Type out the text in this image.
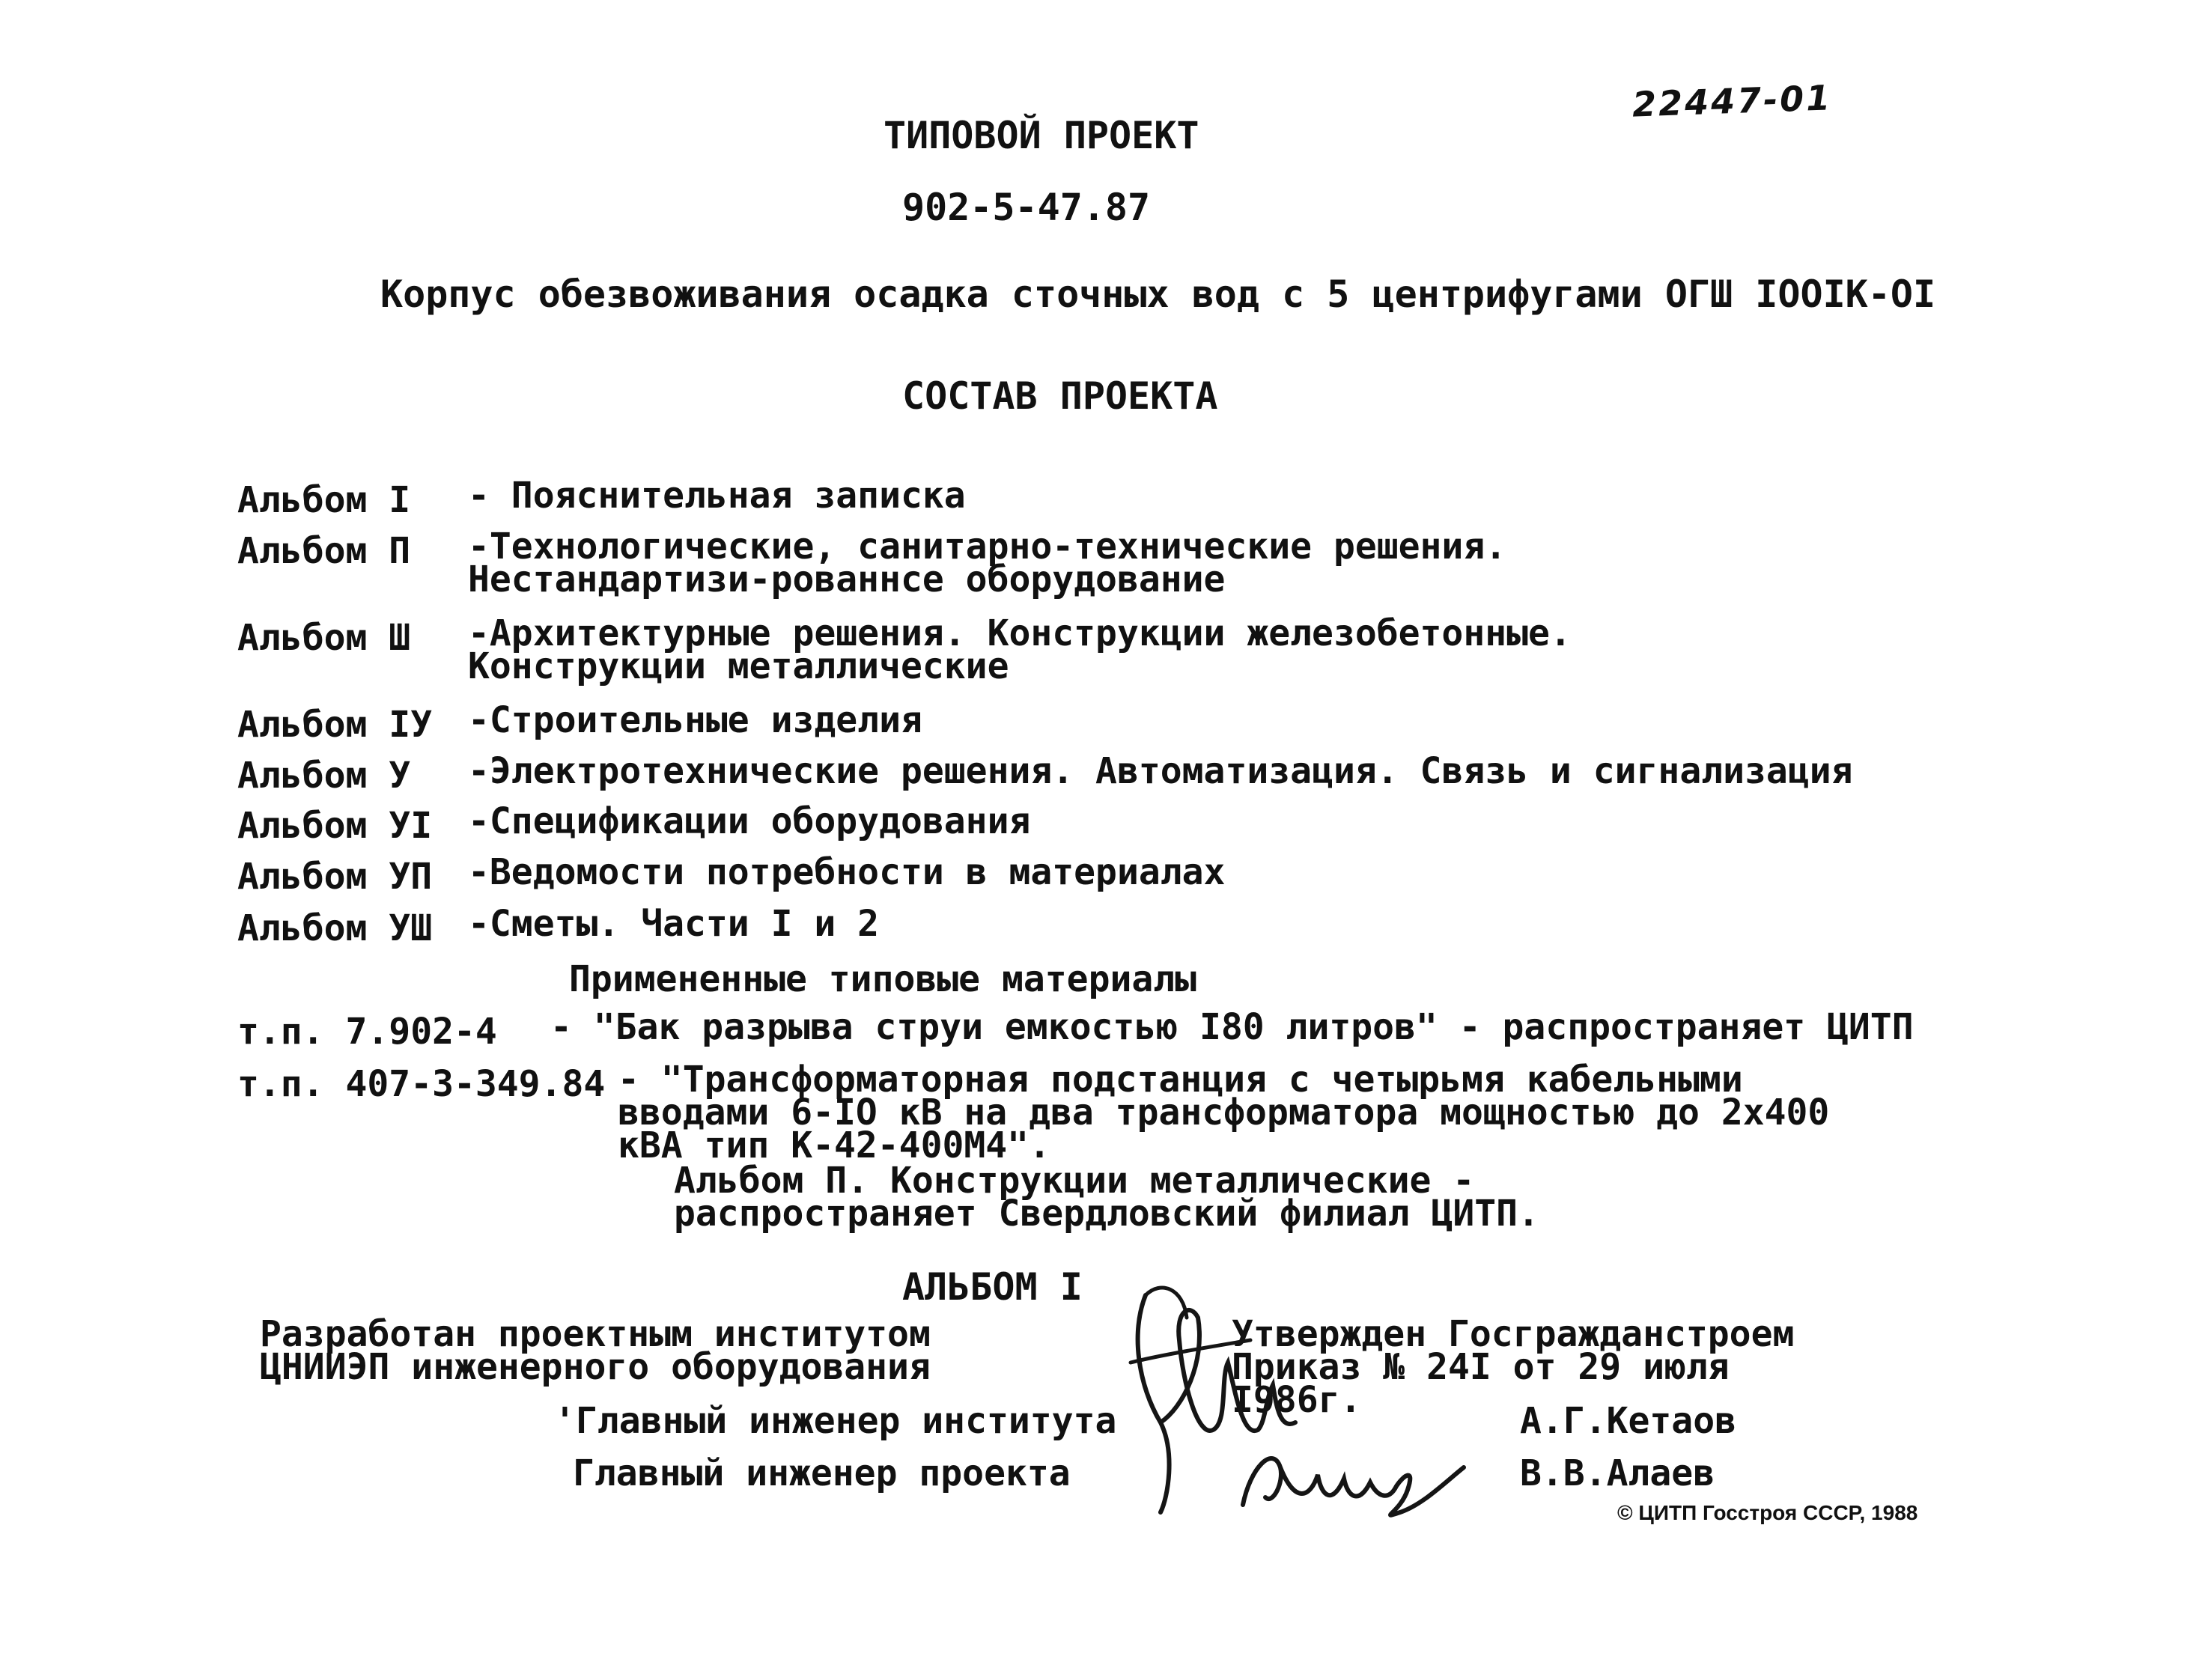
22447-01
ТИПОВОЙ ПРОЕКТ
902-5-47.87
Корпус обезвоживания осадка сточных вод с 5 центрифугами ОГШ IOOIK-OI
СОСТАВ ПРОЕКТА
Альбом I - Пояснительная записка
Альбом П -Технологические, санитарно-технические решения. Нестандартизи-рованнсе оборудование
Альбом Ш -Архитектурные решения. Конструкции железобетонные. Конструкции металлические
Альбом IУ -Строительные изделия
Альбом У -Электротехнические решения. Автоматизация. Связь и сигнализация
Альбом УI -Спецификации оборудования
Альбом УП -Ведомости потребности в материалах
Альбом УШ -Сметы. Части I и 2
Примененные типовые материалы
т.п. 7.902-4 - "Бак разрыва струи емкостью I80 литров" - распространяет ЦИТП
т.п. 407-3-349.84 - "Трансформаторная подстанция с четырьмя кабельными вводами 6-IO кВ на два трансформатора мощностью до 2х400 кВА тип К-42-400М4".
Альбом П. Конструкции металлические - распространяет Свердловский филиал ЦИТП.
АЛЬБОМ I
Разработан проектным институтом ЦНИИЭП инженерного оборудования
Утвержден Госгражданстроем Приказ № 24I от 29 июля I986г.
'Главный инженер института	А.Г.Кетаов
Главный инженер проекта	В.В.Алаев
© ЦИТП Госстроя СССР, 1988
